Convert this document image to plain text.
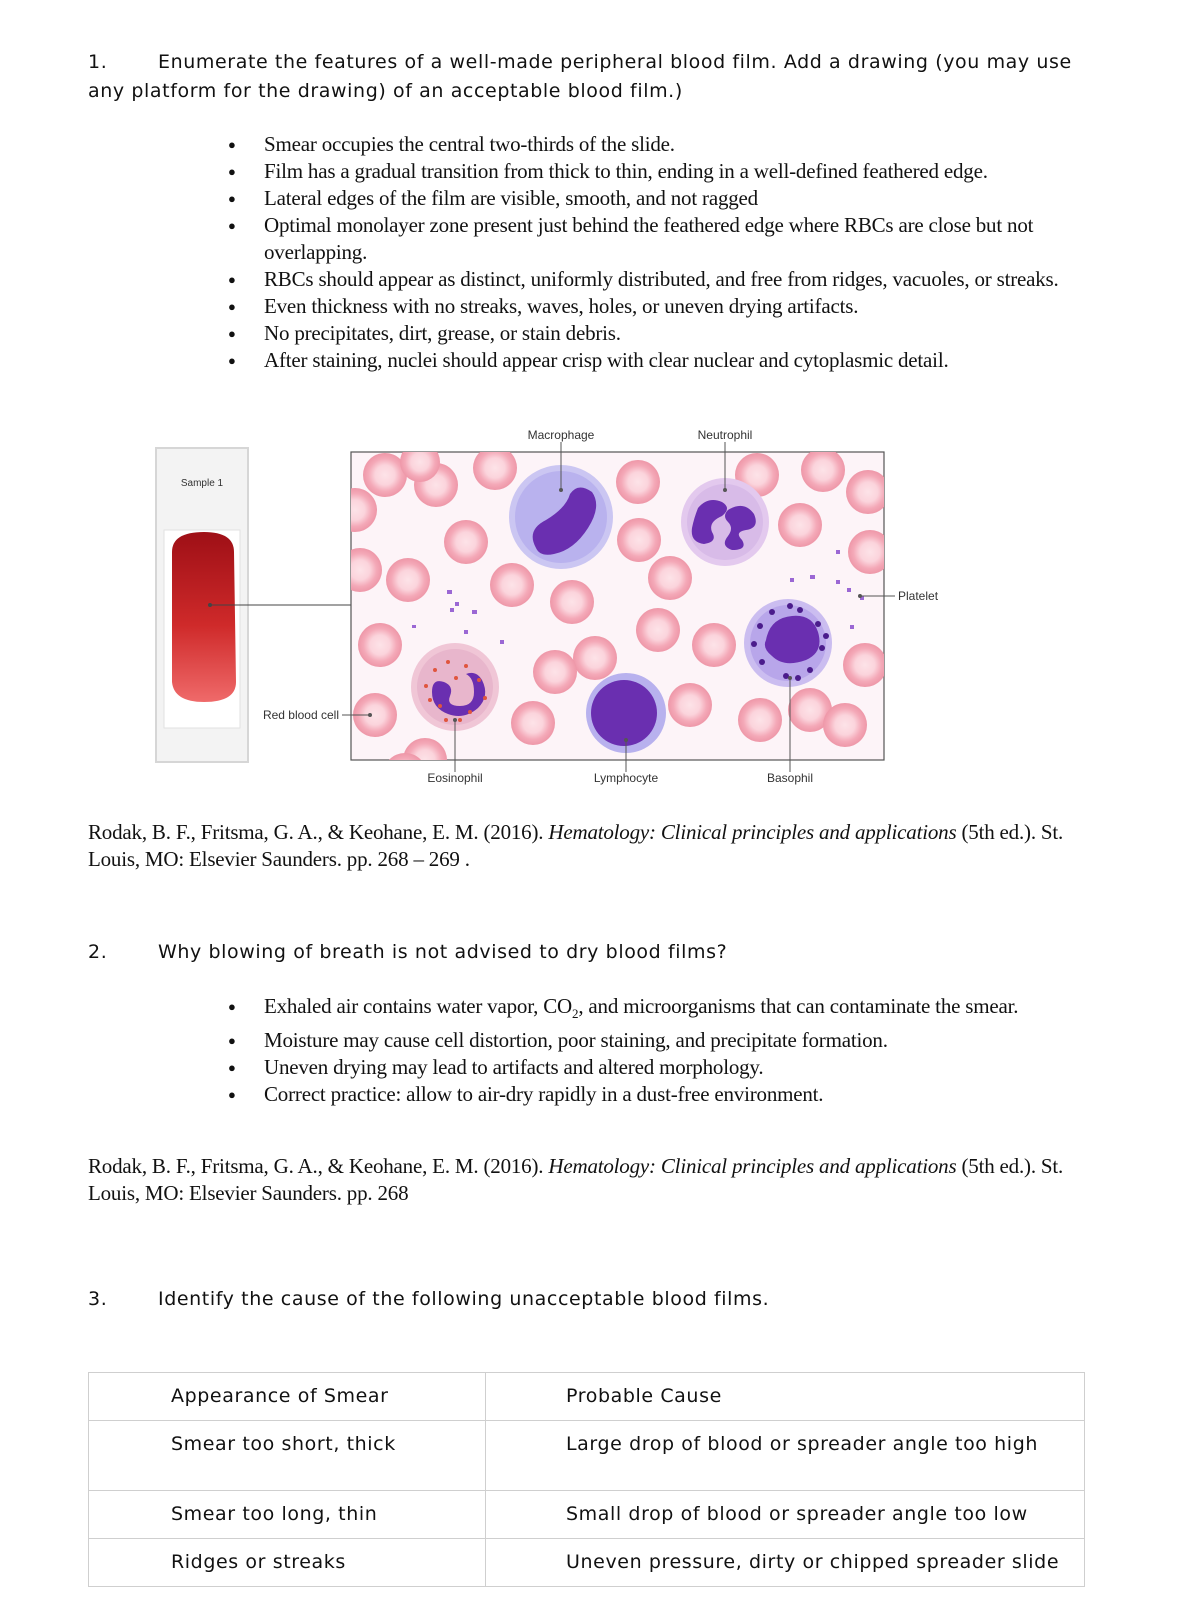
1.	Enumerate the features of a well-made peripheral blood film. Add a drawing (you may use any platform for the drawing) of an acceptable blood film.)
● Smear occupies the central two-thirds of the slide.
● Film has a gradual transition from thick to thin, ending in a well-defined feathered edge.
● Lateral edges of the film are visible, smooth, and not ragged
● Optimal monolayer zone present just behind the feathered edge where RBCs are close but not overlapping.
● RBCs should appear as distinct, uniformly distributed, and free from ridges, vacuoles, or streaks.
● Even thickness with no streaks, waves, holes, or uneven drying artifacts.
● No precipitates, dirt, grease, or stain debris.
● After staining, nuclei should appear crisp with clear nuclear and cytoplasmic detail.
Sample 1
Macrophage	Neutrophil
Platelet
Red blood cell
Eosinophil	Lymphocyte	Basophil
Rodak, B. F., Fritsma, G. A., & Keohane, E. M. (2016). Hematology: Clinical principles and applications (5th ed.). St. Louis, MO: Elsevier Saunders. pp. 268 – 269 .
2.	Why blowing of breath is not advised to dry blood films?
● Exhaled air contains water vapor, $CO_2$, and microorganisms that can contaminate the smear.
● Moisture may cause cell distortion, poor staining, and precipitate formation.
● Uneven drying may lead to artifacts and altered morphology.
● Correct practice: allow to air-dry rapidly in a dust-free environment.
Rodak, B. F., Fritsma, G. A., & Keohane, E. M. (2016). Hematology: Clinical principles and applications (5th ed.). St. Louis, MO: Elsevier Saunders. pp. 268
3.	Identify the cause of the following unacceptable blood films.
Appearance of Smear	Probable Cause
Smear too short, thick	Large drop of blood or spreader angle too high
Smear too long, thin	Small drop of blood or spreader angle too low
Ridges or streaks	Uneven pressure, dirty or chipped spreader slide
